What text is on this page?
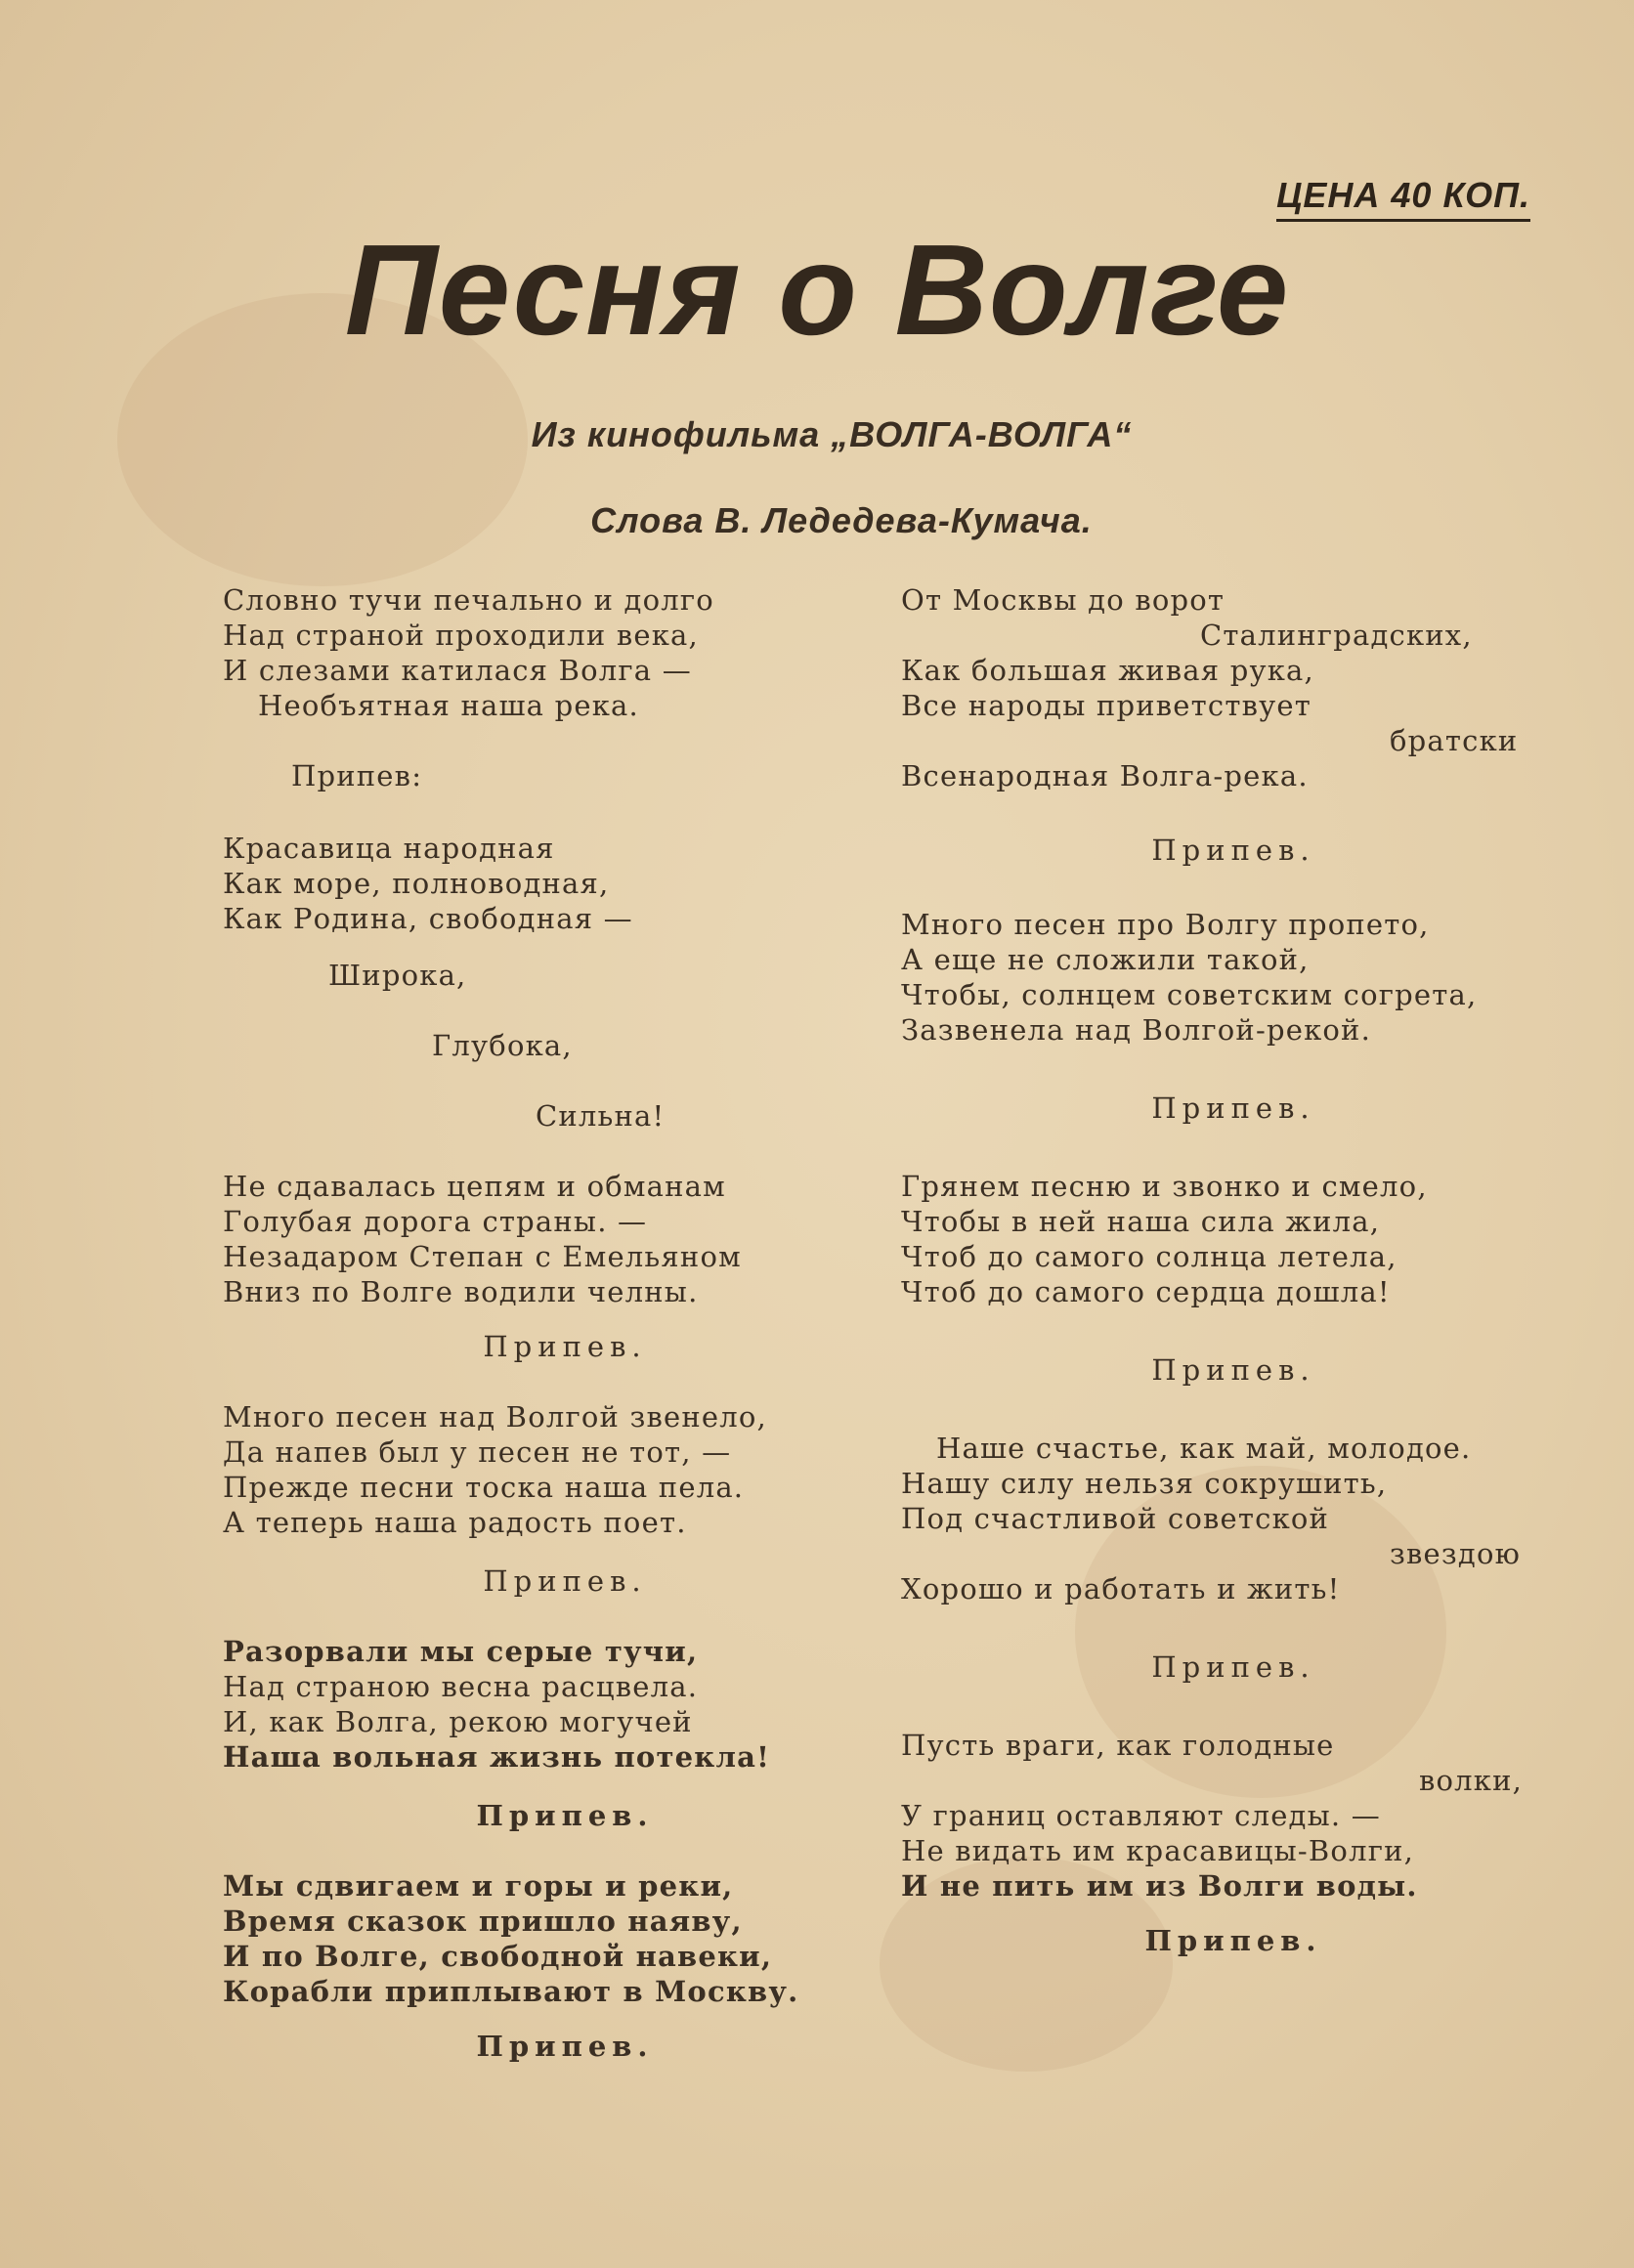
ЦЕНА 40 КОП.
Песня о Волге
Из кинофильма „ВОЛГА-ВОЛГА“
Слова В. Ледедева-Кумача.
Словно тучи печально и долго
Над страной проходили века,
И слезами катилася Волга —
Необъятная наша река.
Припев:
Красавица народная
Как море, полноводная,
Как Родина, свободная —
Широка,
Глубока,
Сильна!
Не сдавалась цепям и обманам
Голубая дорога страны. —
Незадаром Степан с Емельяном
Вниз по Волге водили челны.
Припев.
Много песен над Волгой звенело,
Да напев был у песен не тот, —
Прежде песни тоска наша пела.
А теперь наша радость поет.
Припев.
Разорвали мы серые тучи,
Над страною весна расцвела.
И, как Волга, рекою могучей
Наша вольная жизнь потекла!
Припев.
Мы сдвигаем и горы и реки,
Время сказок пришло наяву,
И по Волге, свободной навеки,
Корабли приплывают в Москву.
Припев.
От Москвы до ворот
Сталинградских,
Как большая живая рука,
Все народы приветствует
братски
Всенародная Волга-река.
Припев.
Много песен про Волгу пропето,
А еще не сложили такой,
Чтобы, солнцем советским согрета,
Зазвенела над Волгой-рекой.
Припев.
Грянем песню и звонко и смело,
Чтобы в ней наша сила жила,
Чтоб до самого солнца летела,
Чтоб до самого сердца дошла!
Припев.
Наше счастье, как май, молодое.
Нашу силу нельзя сокрушить,
Под счастливой советской
звездою
Хорошо и работать и жить!
Припев.
Пусть враги, как голодные
волки,
У границ оставляют следы. —
Не видать им красавицы-Волги,
И не пить им из Волги воды.
Припев.
